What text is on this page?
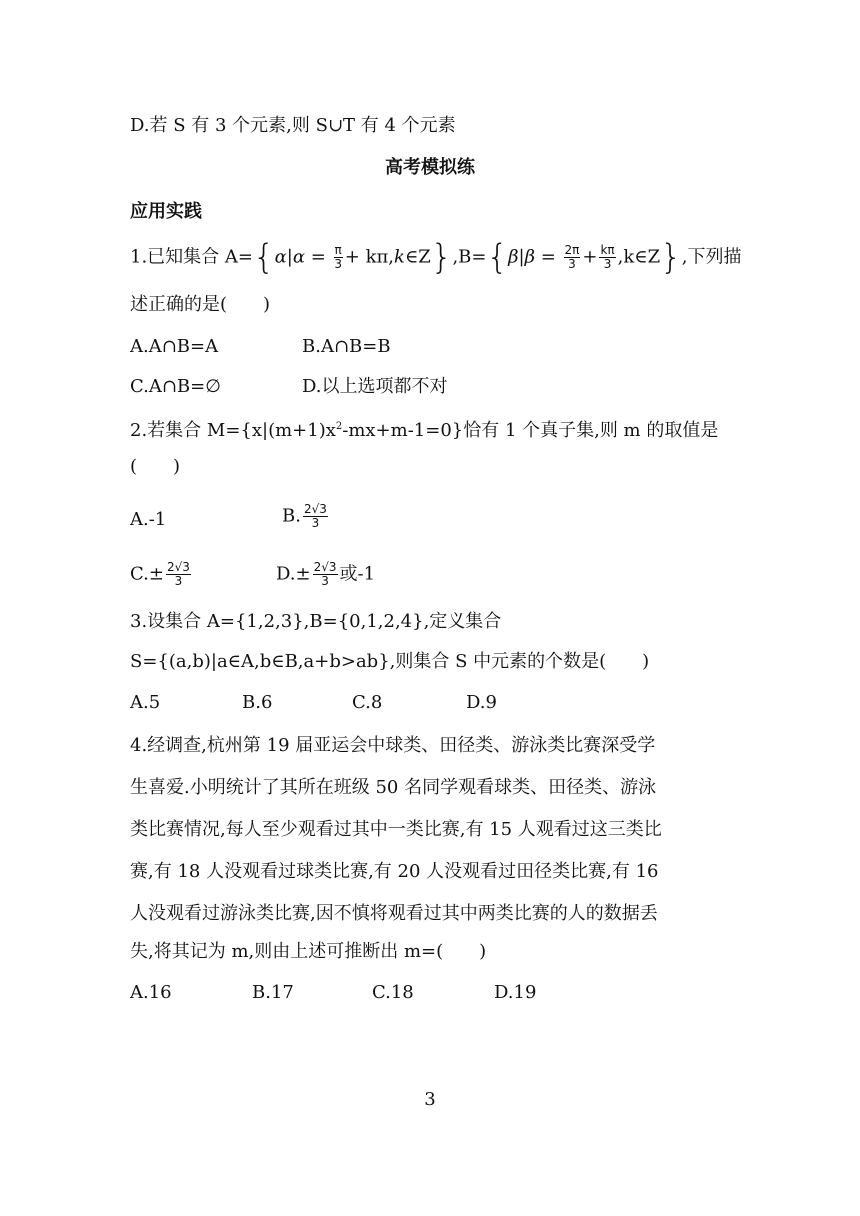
D.若 S 有 3 个元素,则 S∪T 有 4 个元素
高考模拟练
应用实践
1.已知集合 $A=\{\alpha|\alpha = \frac{\pi}{3}$ + kπ,k∈Z},B={β|β = $\frac{2\pi}{3} + \frac{k\pi}{3}$ ,k∈Z},下列描
述正确的是(　　)
A.A∩B=A	B.A∩B=B
C.A∩B=∅	D.以上选项都不对
2.若集合 $M=\{x|(m+1)x^2-mx+m-1=0\}$恰有 1 个真子集,则 m 的取值是
(　　)
A.-1	B. $\frac{2√3}{3}$
$C.\pm \frac{2√3}{3}$	$D.\pm \frac{2√3}{3}$ 或-1
3.设集合 A={1,2,3},B={0,1,2,4},定义集合
S={(a,b)|a∈A,b∈B,a+b>ab},则集合 S 中元素的个数是(　　)
A.5	B.6	C.8	D.9
4.经调查,杭州第 19 届亚运会中球类、田径类、游泳类比赛深受学
生喜爱.小明统计了其所在班级 50 名同学观看球类、田径类、游泳
类比赛情况,每人至少观看过其中一类比赛,有 15 人观看过这三类比
赛,有 18 人没观看过球类比赛,有 20 人没观看过田径类比赛,有 16
人没观看过游泳类比赛,因不慎将观看过其中两类比赛的人的数据丢
失,将其记为 m,则由上述可推断出 m=(　　)
A.16	B.17	C.18	D.19
3
